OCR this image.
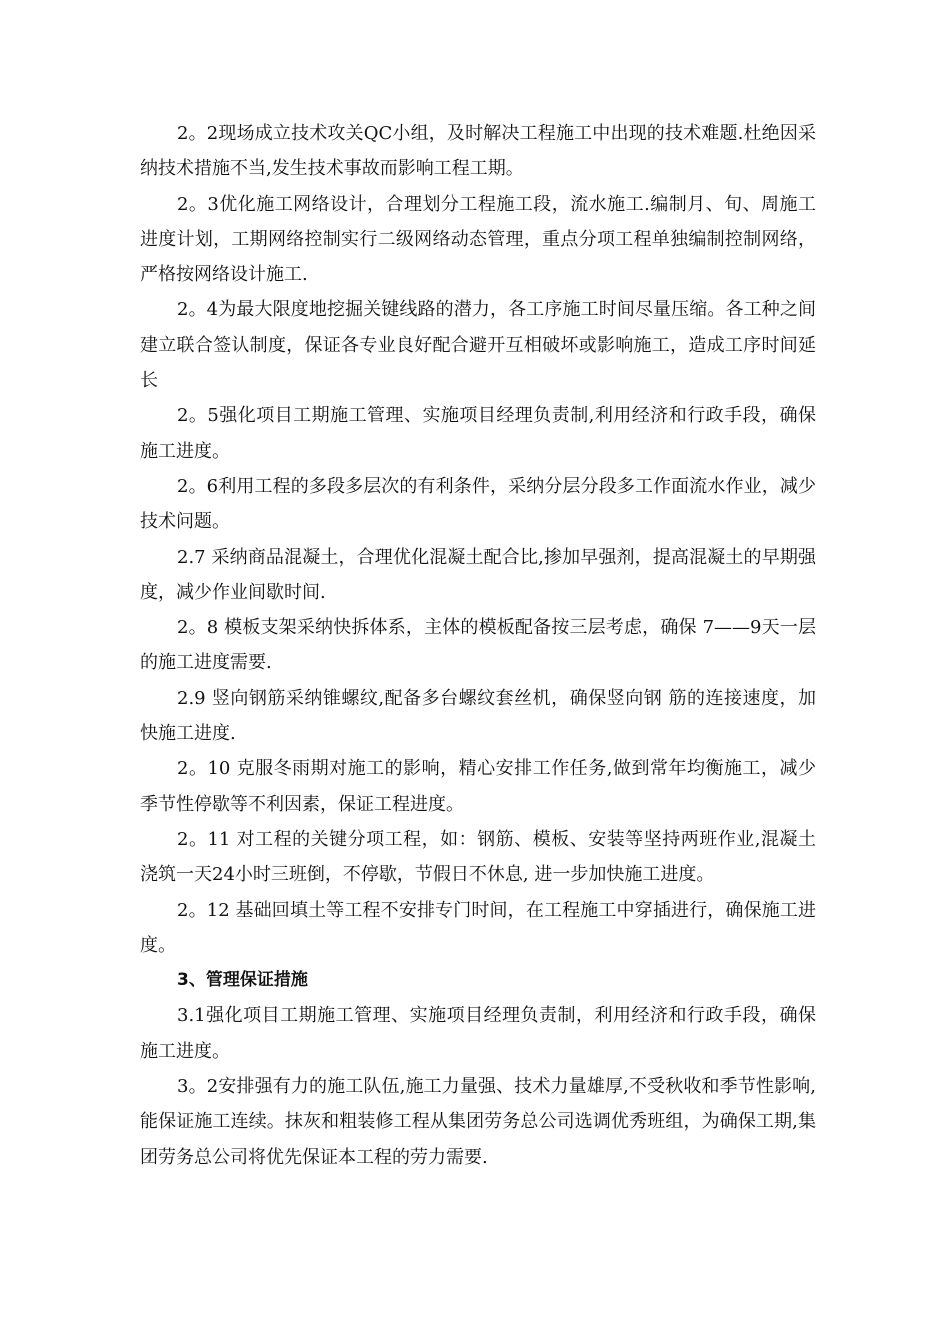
2。2现场成立技术攻关QC小组，及时解决工程施工中出现的技术难题.杜绝因采纳技术措施不当,发生技术事故而影响工程工期。

2。3优化施工网络设计，合理划分工程施工段，流水施工.编制月、旬、周施工进度计划，工期网络控制实行二级网络动态管理，重点分项工程单独编制控制网络，严格按网络设计施工.

2。4为最大限度地挖掘关键线路的潜力，各工序施工时间尽量压缩。各工种之间建立联合签认制度，保证各专业良好配合避开互相破坏或影响施工，造成工序时间延长

2。5强化项目工期施工管理、实施项目经理负责制,利用经济和行政手段，确保施工进度。

2。6利用工程的多段多层次的有利条件，采纳分层分段多工作面流水作业，减少技术问题。

2.7 采纳商品混凝土，合理优化混凝土配合比,掺加早强剂，提高混凝土的早期强度，减少作业间歇时间.

2。8 模板支架采纳快拆体系，主体的模板配备按三层考虑，确保 7——9天一层的施工进度需要.

2.9 竖向钢筋采纳锥螺纹,配备多台螺纹套丝机，确保竖向钢 筋的连接速度，加快施工进度.

2。10 克服冬雨期对施工的影响，精心安排工作任务,做到常年均衡施工，减少季节性停歇等不利因素，保证工程进度。

2。11 对工程的关键分项工程，如：钢筋、模板、安装等坚持两班作业,混凝土浇筑一天24小时三班倒，不停歇，节假日不休息, 进一步加快施工进度。

2。12 基础回填土等工程不安排专门时间，在工程施工中穿插进行，确保施工进度。

3、管理保证措施

3.1强化项目工期施工管理、实施项目经理负责制，利用经济和行政手段，确保施工进度。

3。2安排强有力的施工队伍,施工力量强、技术力量雄厚,不受秋收和季节性影响,能保证施工连续。抹灰和粗装修工程从集团劳务总公司选调优秀班组，为确保工期,集团劳务总公司将优先保证本工程的劳力需要.
